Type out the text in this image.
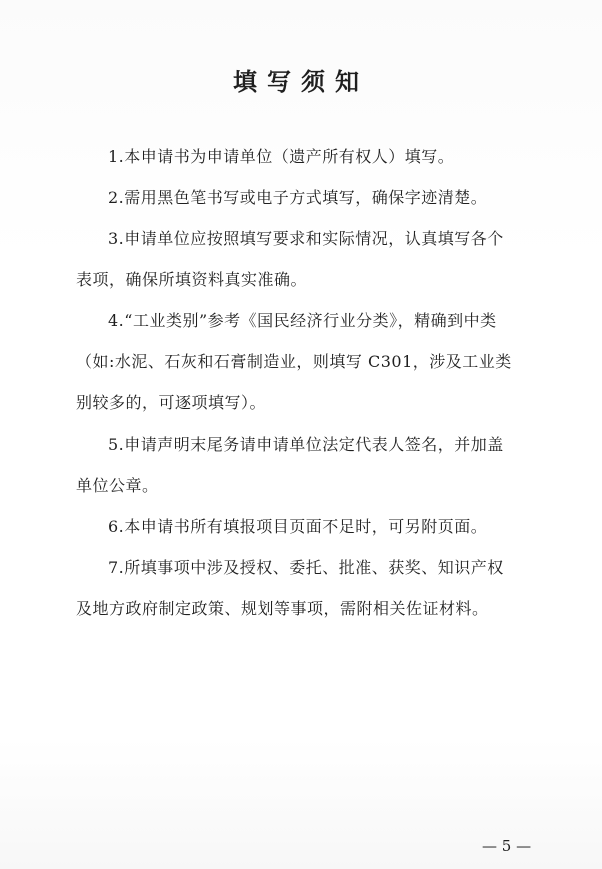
填写须知
1.本申请书为申请单位（遗产所有权人）填写。
2.需用黑色笔书写或电子方式填写，确保字迹清楚。
3.申请单位应按照填写要求和实际情况，认真填写各个
表项，确保所填资料真实准确。
4.“工业类别”参考《国民经济行业分类》，精确到中类
（如:水泥、石灰和石膏制造业，则填写 C301，涉及工业类
别较多的，可逐项填写）。
5.申请声明末尾务请申请单位法定代表人签名，并加盖
单位公章。
6.本申请书所有填报项目页面不足时，可另附页面。
7.所填事项中涉及授权、委托、批准、获奖、知识产权
及地方政府制定政策、规划等事项，需附相关佐证材料。
— 5 —
